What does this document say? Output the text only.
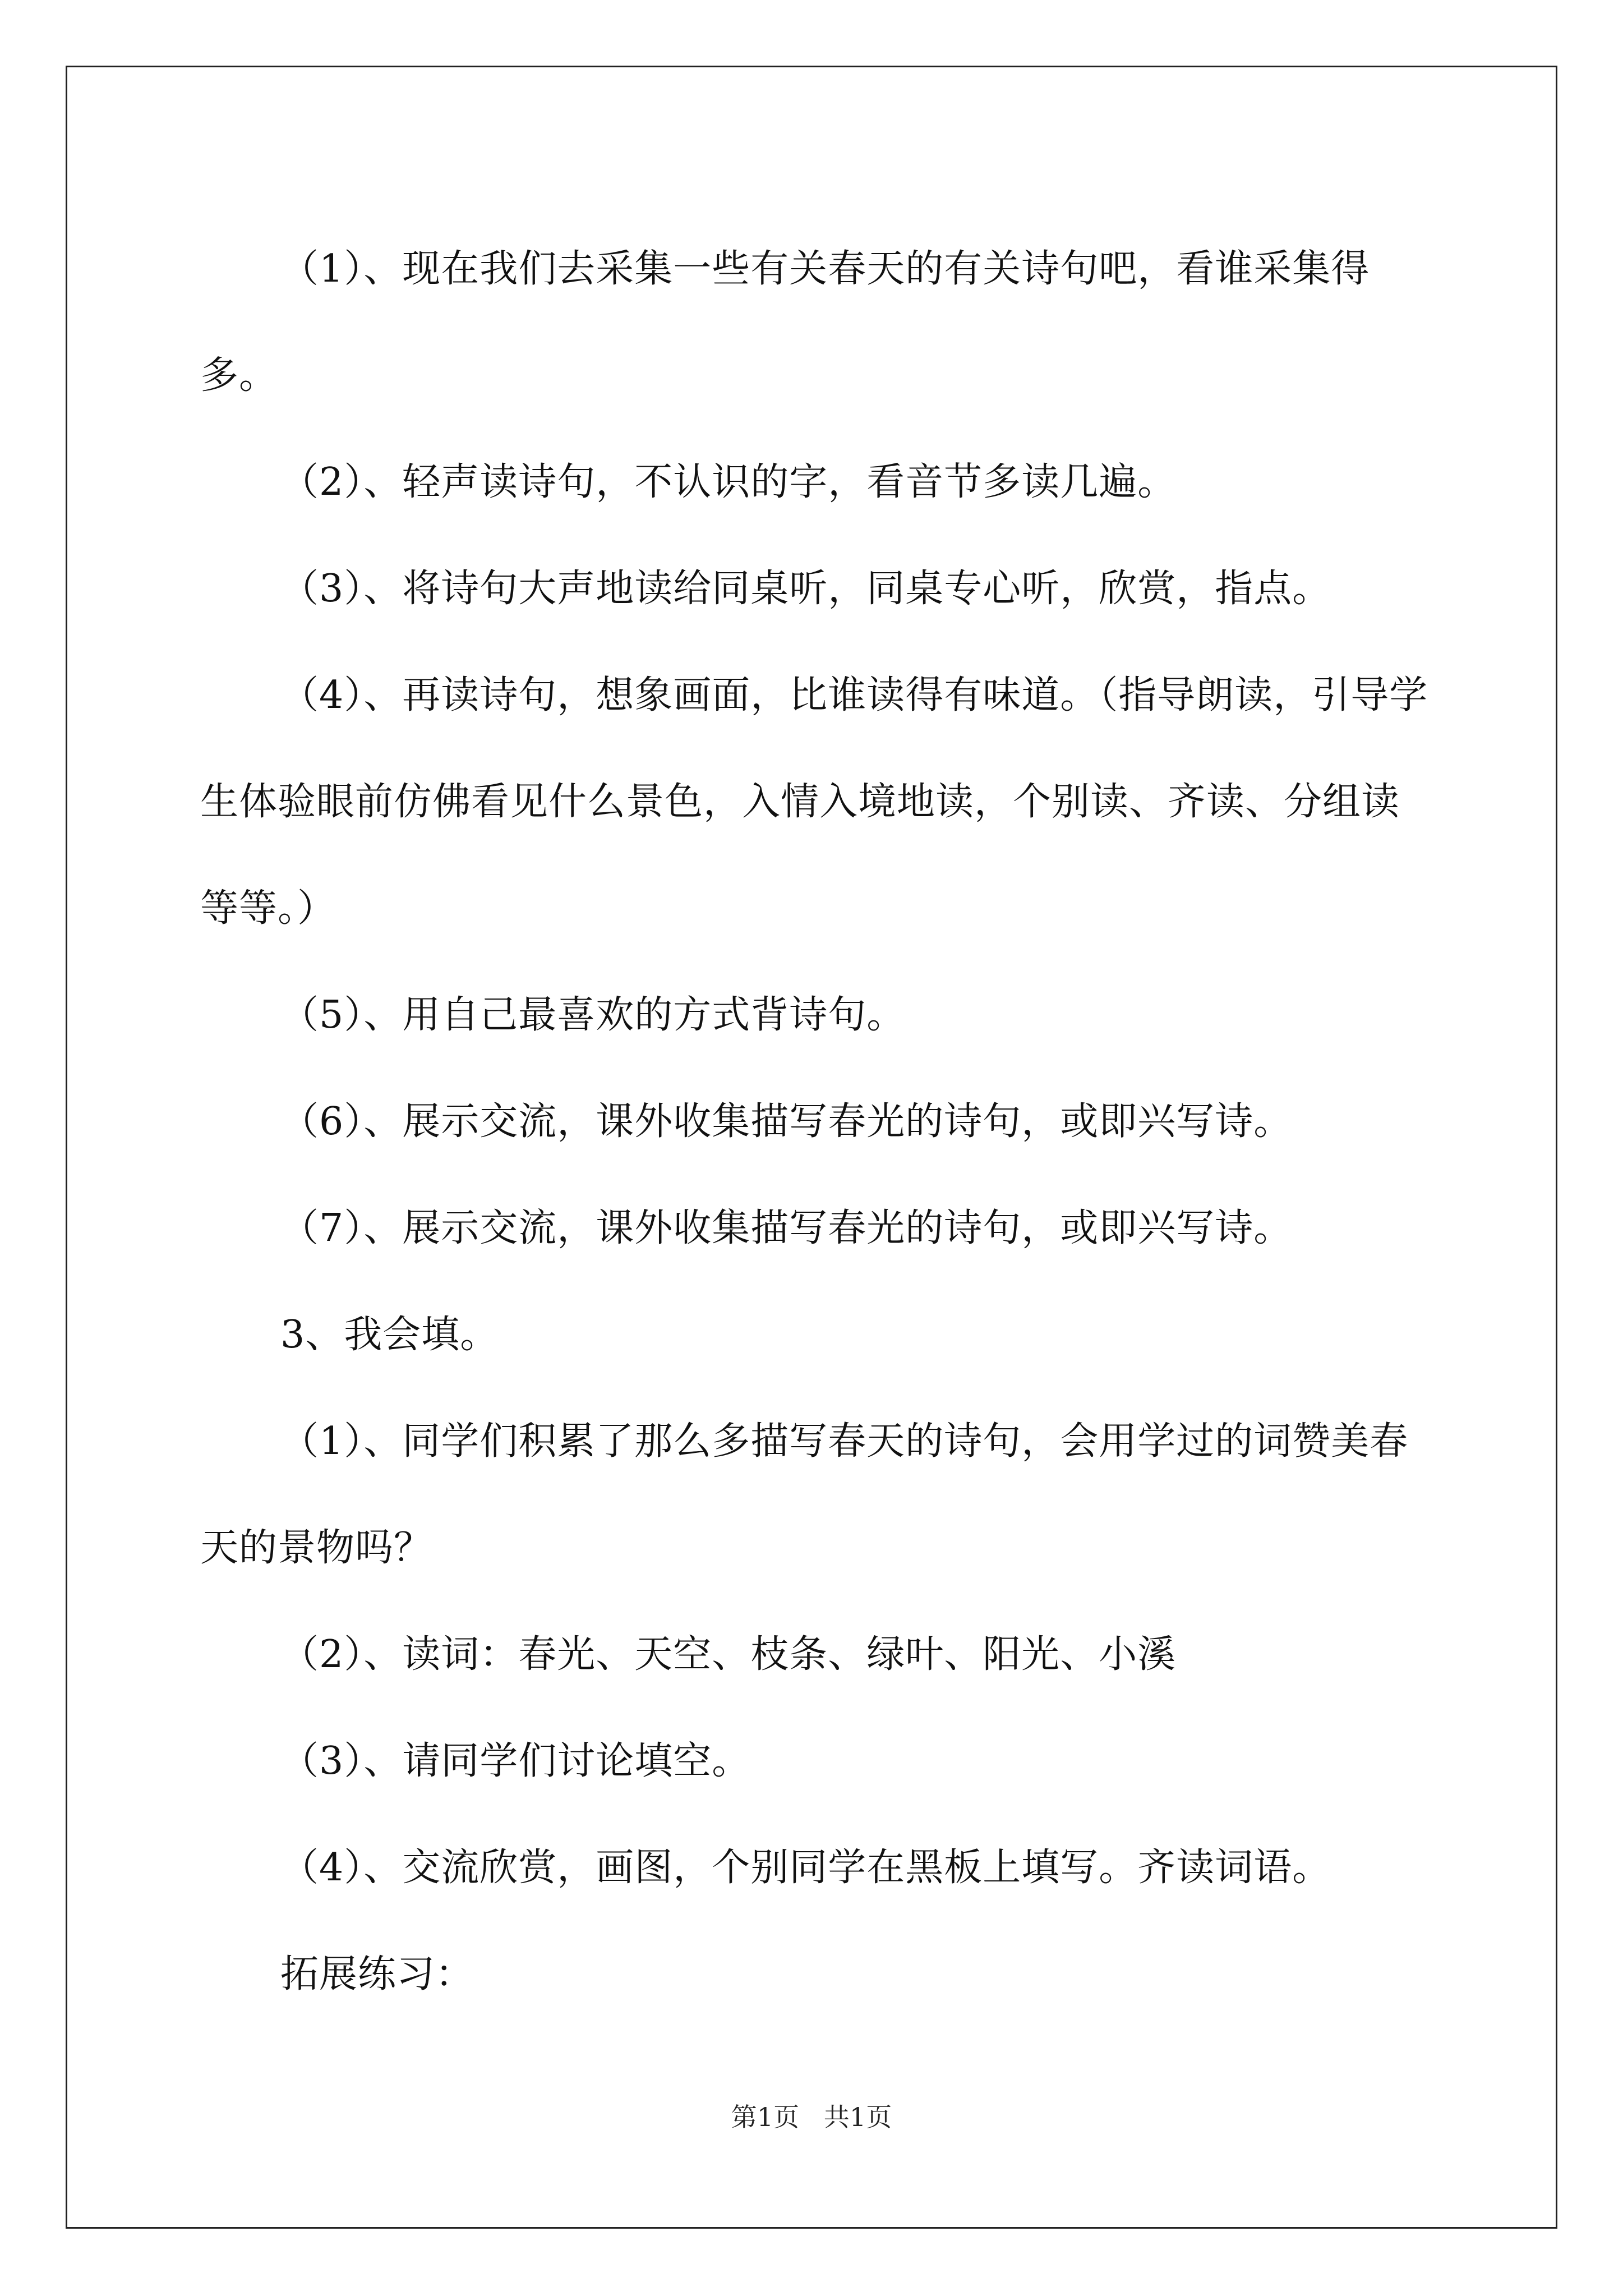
（1）、现在我们去采集一些有关春天的有关诗句吧，看谁采集得多。

（2）、轻声读诗句，不认识的字，看音节多读几遍。

（3）、将诗句大声地读给同桌听，同桌专心听，欣赏，指点。

（4）、再读诗句，想象画面，比谁读得有味道。（指导朗读，引导学生体验眼前仿佛看见什么景色，入情入境地读，个别读、齐读、分组读等等。）

（5）、用自己最喜欢的方式背诗句。

（6）、展示交流，课外收集描写春光的诗句，或即兴写诗。

（7）、展示交流，课外收集描写春光的诗句，或即兴写诗。

3、我会填。

（1）、同学们积累了那么多描写春天的诗句，会用学过的词赞美春天的景物吗？

（2）、读词：春光、天空、枝条、绿叶、阳光、小溪

（3）、请同学们讨论填空。

（4）、交流欣赏，画图，个别同学在黑板上填写。齐读词语。

拓展练习：

第1页   共1页
